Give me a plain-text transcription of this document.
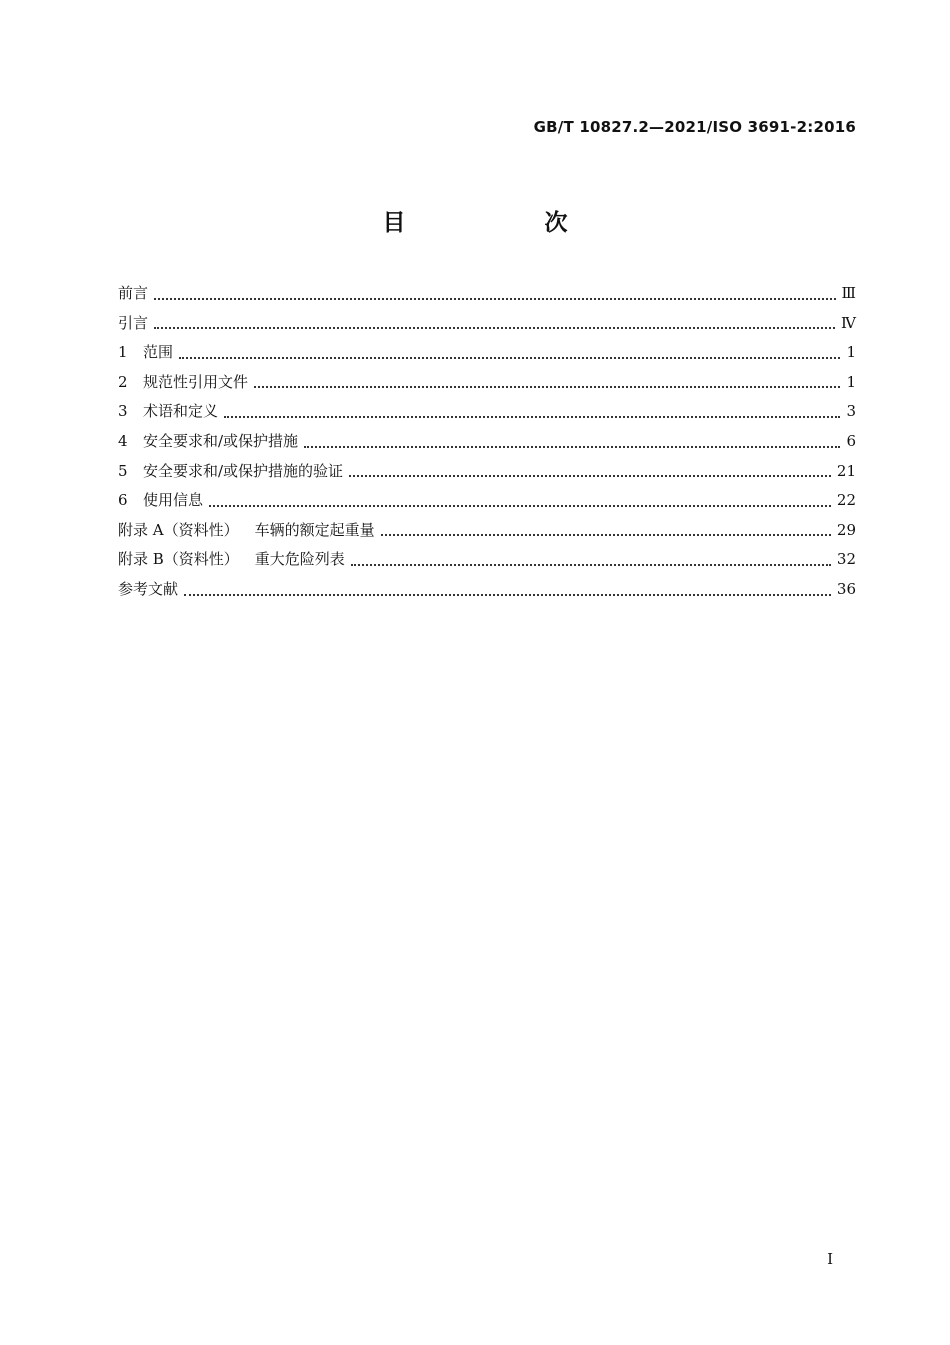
GB/T 10827.2—2021/ISO 3691-2:2016
目　次
前言	Ⅲ
引言	Ⅳ
1 范围	1
2 规范性引用文件	1
3 术语和定义	3
4 安全要求和/或保护措施	6
5 安全要求和/或保护措施的验证	21
6 使用信息	22
附录 A（资料性） 车辆的额定起重量	29
附录 B（资料性） 重大危险列表	32
参考文献	36
I
